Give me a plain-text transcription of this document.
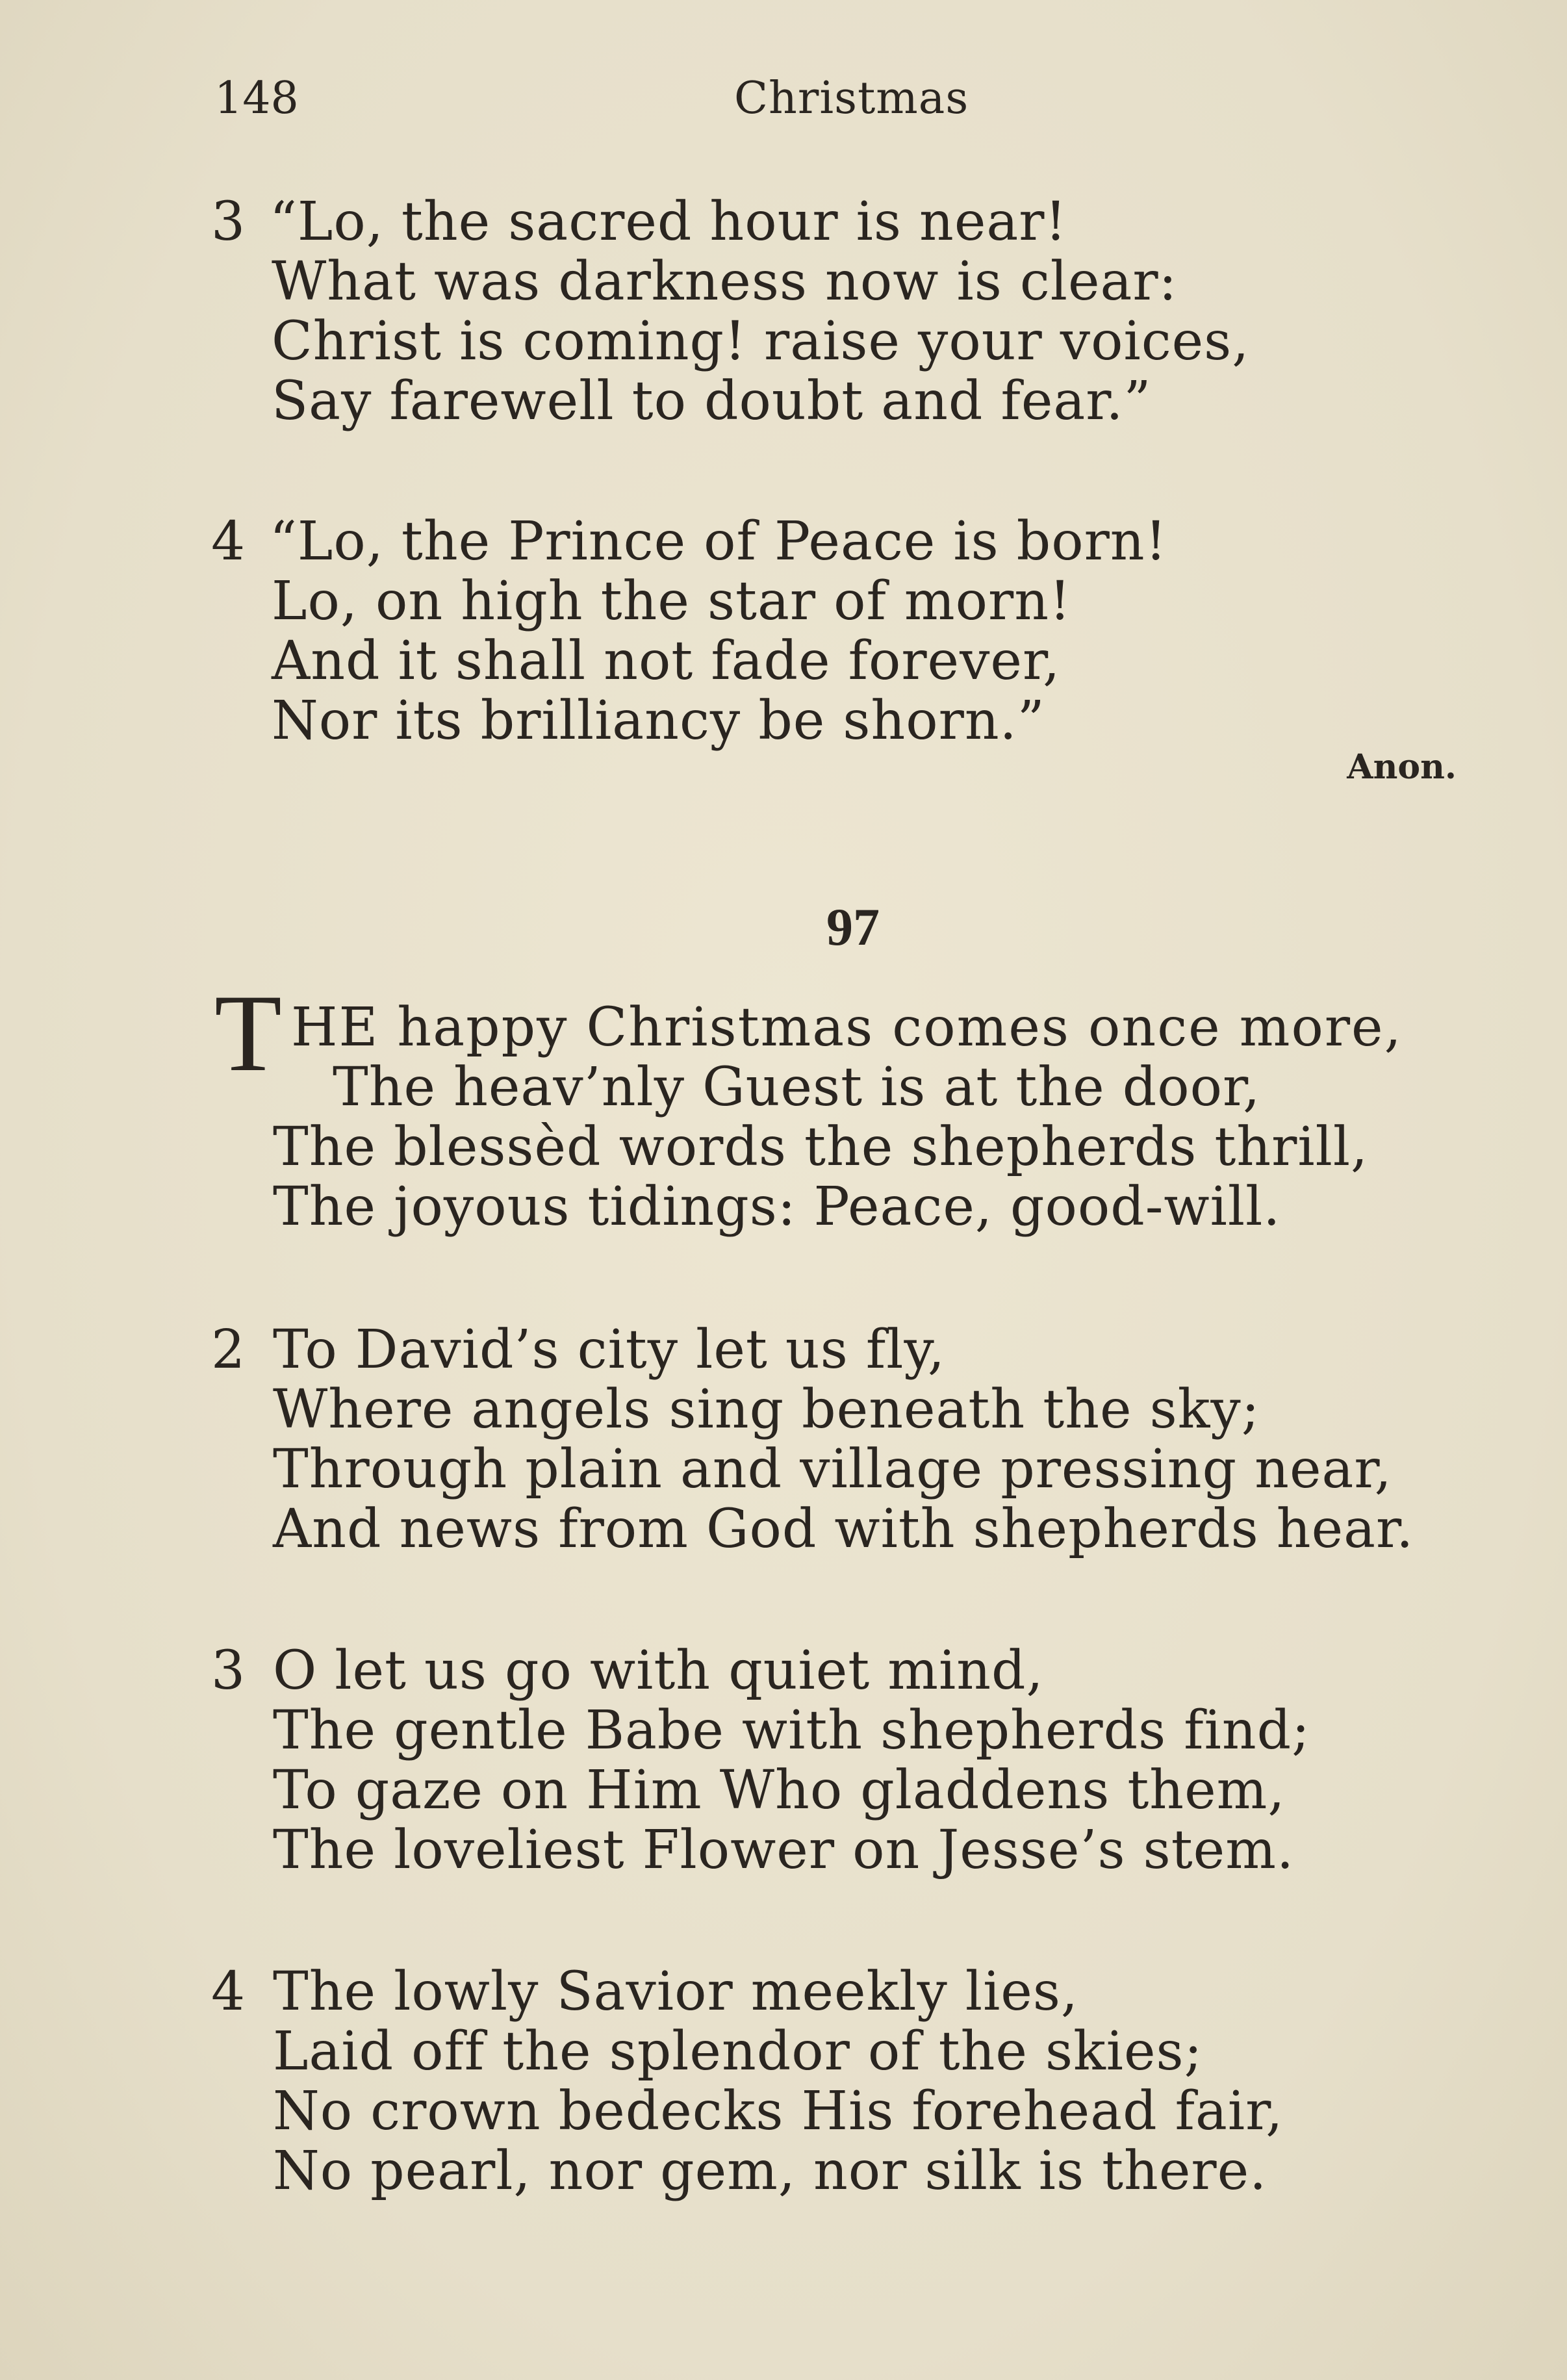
148	Christmas
3 “Lo, the sacred hour is near!
What was darkness now is clear:
Christ is coming! raise your voices,
Say farewell to doubt and fear.”
4 “Lo, the Prince of Peace is born!
Lo, on high the star of morn!
And it shall not fade forever,
Nor its brilliancy be shorn.”
Anon.
97
T HE happy Christmas comes once more,
The heav’nly Guest is at the door,
The blessèd words the shepherds thrill,
The joyous tidings: Peace, good-will.
2 To David’s city let us fly,
Where angels sing beneath the sky;
Through plain and village pressing near,
And news from God with shepherds hear.
3 O let us go with quiet mind,
The gentle Babe with shepherds find;
To gaze on Him Who gladdens them,
The loveliest Flower on Jesse’s stem.
4 The lowly Savior meekly lies,
Laid off the splendor of the skies;
No crown bedecks His forehead fair,
No pearl, nor gem, nor silk is there.
